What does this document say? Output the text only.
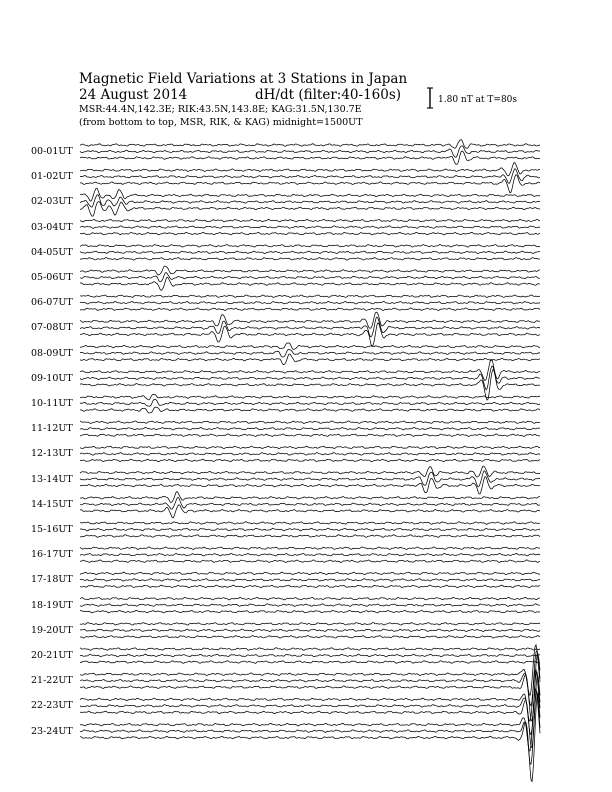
Magnetic Field Variations at 3 Stations in Japan
24 August 2014	dH/dt (filter:40-160s)
MSR:44.4N,142.3E; RIK:43.5N,143.8E; KAG:31.5N,130.7E
(from bottom to top, MSR, RIK, & KAG) midnight=1500UT
1.80 nT at T=80s
00-01UT
01-02UT
02-03UT
03-04UT
04-05UT
05-06UT
06-07UT
07-08UT
08-09UT
09-10UT
10-11UT
11-12UT
12-13UT
13-14UT
14-15UT
15-16UT
16-17UT
17-18UT
18-19UT
19-20UT
20-21UT
21-22UT
22-23UT
23-24UT
